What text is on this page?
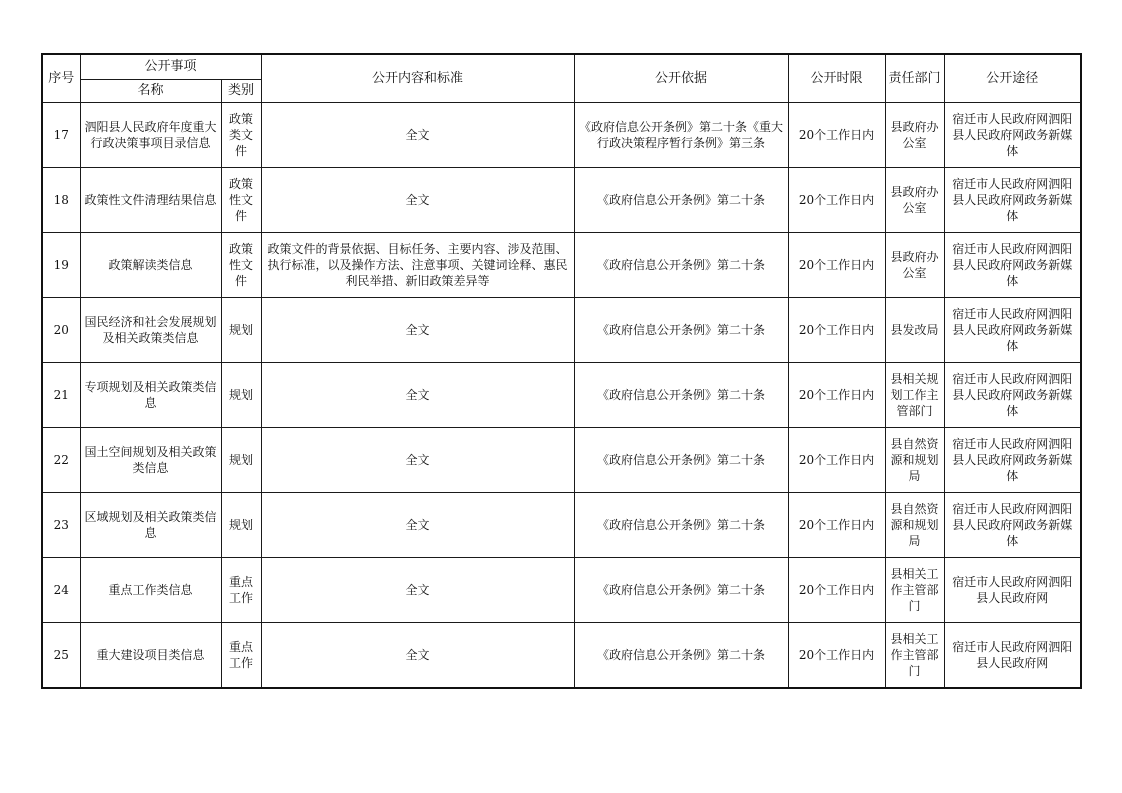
序号	公开事项		公开内容和标准	公开依据	公开时限	责任部门	公开途径
	名称	类别					
17	泗阳县人民政府年度重大行政决策事项目录信息	政策类文件	全文	《政府信息公开条例》第二十条《重大行政决策程序暂行条例》第三条	20个工作日内	县政府办公室	宿迁市人民政府网泗阳县人民政府网政务新媒体
18	政策性文件清理结果信息	政策性文件	全文	《政府信息公开条例》第二十条	20个工作日内	县政府办公室	宿迁市人民政府网泗阳县人民政府网政务新媒体
19	政策解读类信息	政策性文件	政策文件的背景依据、目标任务、主要内容、涉及范围、执行标准，以及操作方法、注意事项、关键词诠释、惠民利民举措、新旧政策差异等	《政府信息公开条例》第二十条	20个工作日内	县政府办公室	宿迁市人民政府网泗阳县人民政府网政务新媒体
20	国民经济和社会发展规划及相关政策类信息	规划	全文	《政府信息公开条例》第二十条	20个工作日内	县发改局	宿迁市人民政府网泗阳县人民政府网政务新媒体
21	专项规划及相关政策类信息	规划	全文	《政府信息公开条例》第二十条	20个工作日内	县相关规划工作主管部门	宿迁市人民政府网泗阳县人民政府网政务新媒体
22	国土空间规划及相关政策类信息	规划	全文	《政府信息公开条例》第二十条	20个工作日内	县自然资源和规划局	宿迁市人民政府网泗阳县人民政府网政务新媒体
23	区域规划及相关政策类信息	规划	全文	《政府信息公开条例》第二十条	20个工作日内	县自然资源和规划局	宿迁市人民政府网泗阳县人民政府网政务新媒体
24	重点工作类信息	重点工作	全文	《政府信息公开条例》第二十条	20个工作日内	县相关工作主管部门	宿迁市人民政府网泗阳县人民政府网
25	重大建设项目类信息	重点工作	全文	《政府信息公开条例》第二十条	20个工作日内	县相关工作主管部门	宿迁市人民政府网泗阳县人民政府网
